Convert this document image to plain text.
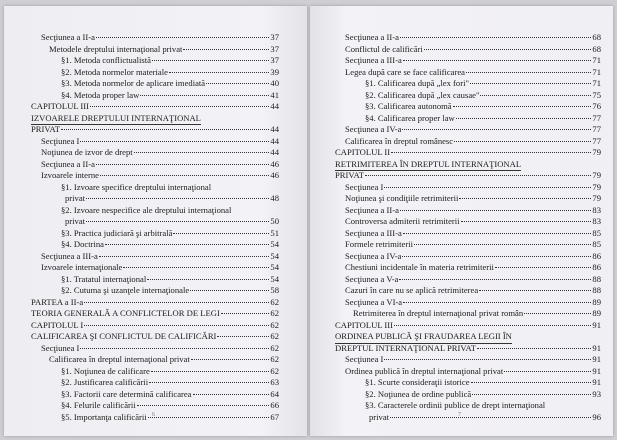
Secţiunea a II-a	37
Metodele dreptului internaţional privat	37
§1. Metoda conflictualistă	37
§2. Metoda normelor materiale	39
§3. Metoda normelor de aplicare imediată	40
§4. Metoda proper law	41
CAPITOLUL III	44
IZVOARELE DREPTULUI INTERNAŢIONAL
PRIVAT	44
Secţiunea I	44
Noţiunea de izvor de drept	44
Secţiunea a II-a	46
Izvoarele interne	46
§1. Izvoare specifice dreptului internaţional
privat	48
§2. Izvoare nespecifice ale dreptului internaţional
privat	50
§3. Practica judiciară şi arbitrală	51
§4. Doctrina	54
Secţiunea a III-a	54
Izvoarele internaţionale	54
§1. Tratatul internaţional	54
§2. Cutuma şi uzanţele internaţionale	58
PARTEA a II-a	62
TEORIA GENERALĂ A CONFLICTELOR DE LEGI	62
CAPITOLUL I	62
CALIFICAREA ŞI CONFLICTUL DE CALIFICĂRI	62
Secţiunea I	62
Calificarea în dreptul internaţional privat	62
§1. Noţiunea de calificare	62
§2. Justificarea calificării	63
§3. Factorii care determină calificarea	64
§4. Felurile calificării	66
§5. Importanţa calificării	67
6
Secţiunea a II-a	68
Conflictul de calificări	68
Secţiunea a III-a	71
Legea după care se face calificarea	71
§1. Calificarea după „lex fori"	71
§2. Calificarea după „lex causae"	75
§3. Calificarea autonomă	76
§4. Calificarea proper law	77
Secţiunea a IV-a	77
Calificarea în dreptul românesc	77
CAPITOLUL II	79
RETRIMITEREA ÎN DREPTUL INTERNAŢIONAL
PRIVAT	79
Secţiunea I	79
Noţiunea şi condiţiile retrimiterii	79
Secţiunea a II-a	83
Controversa admiterii retrimiterii	83
Secţiunea a III-a	85
Formele retrimiterii	85
Secţiunea a IV-a	86
Chestiuni incidentale în materia retrimiterii	86
Secţiunea a V-a	88
Cazuri în care nu se aplică retrimiterea	88
Secţiunea a VI-a	89
Retrimiterea în dreptul internaţional privat român	89
CAPITOLUL III	91
ORDINEA PUBLICĂ ŞI FRAUDAREA LEGII ÎN
DREPTUL INTERNAŢIONAL PRIVAT	91
Secţiunea I	91
Ordinea publică în dreptul internaţional privat	91
§1. Scurte consideraţii istorice	91
§2. Noţiunea de ordine publică	93
§3. Caracterele ordinii publice de drept internaţional
privat	96
7
